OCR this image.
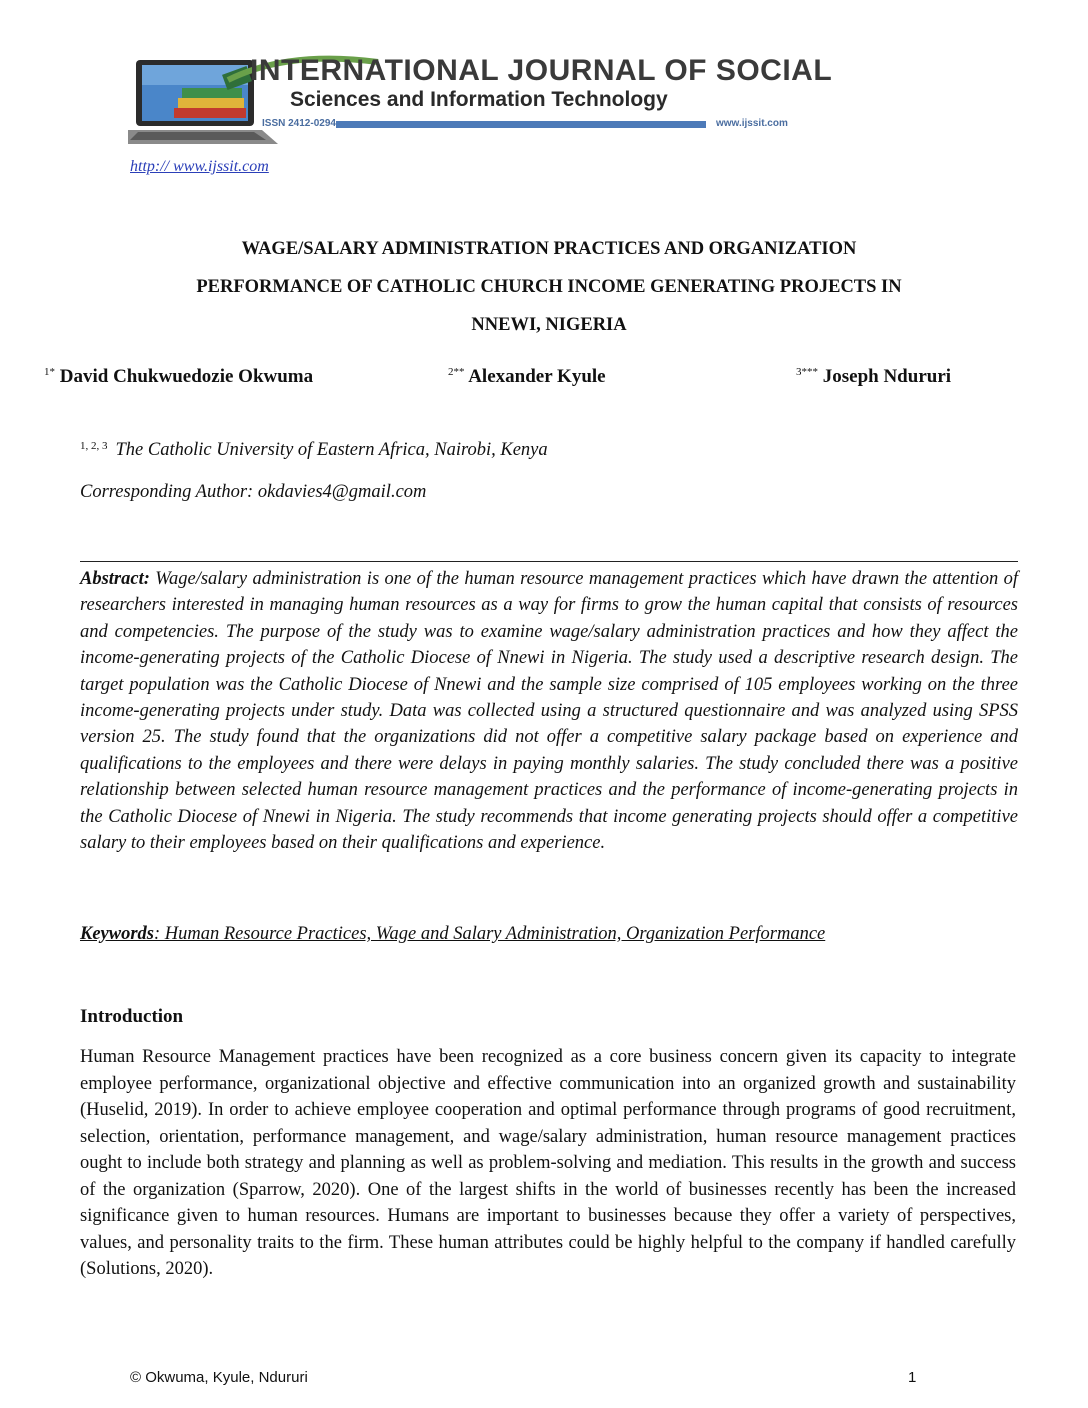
INTERNATIONAL JOURNAL OF SOCIAL
Sciences and Information Technology
ISSN 2412-0294	www.ijssit.com
http:// www.ijssit.com
WAGE/SALARY ADMINISTRATION PRACTICES AND ORGANIZATION
PERFORMANCE OF CATHOLIC CHURCH INCOME GENERATING PROJECTS IN
NNEWI, NIGERIA
$^{1*}$ David Chukwuedozie Okwuma	$^{2**}$ Alexander Kyule	$^{3***}$ Joseph Ndururi
$^{1, 2, 3}$ The Catholic University of Eastern Africa, Nairobi, Kenya
Corresponding Author: okdavies4@gmail.com

Abstract: Wage/salary administration is one of the human resource management practices which have drawn the attention of researchers interested in managing human resources as a way for firms to grow the human capital that consists of resources and competencies. The purpose of the study was to examine wage/salary administration practices and how they affect the income-generating projects of the Catholic Diocese of Nnewi in Nigeria. The study used a descriptive research design. The target population was the Catholic Diocese of Nnewi and the sample size comprised of 105 employees working on the three income-generating projects under study. Data was collected using a structured questionnaire and was analyzed using SPSS version 25. The study found that the organizations did not offer a competitive salary package based on experience and qualifications to the employees and there were delays in paying monthly salaries. The study concluded there was a positive relationship between selected human resource management practices and the performance of income-generating projects in the Catholic Diocese of Nnewi in Nigeria. The study recommends that income generating projects should offer a competitive salary to their employees based on their qualifications and experience.

Keywords: Human Resource Practices, Wage and Salary Administration, Organization Performance
Introduction

Human Resource Management practices have been recognized as a core business concern given its capacity to integrate employee performance, organizational objective and effective communication into an organized growth and sustainability (Huselid, 2019). In order to achieve employee cooperation and optimal performance through programs of good recruitment, selection, orientation, performance management, and wage/salary administration, human resource management practices ought to include both strategy and planning as well as problem-solving and mediation. This results in the growth and success of the organization (Sparrow, 2020). One of the largest shifts in the world of businesses recently has been the increased significance given to human resources. Humans are important to businesses because they offer a variety of perspectives, values, and personality traits to the firm. These human attributes could be highly helpful to the company if handled carefully (Solutions, 2020).

© Okwuma, Kyule, Ndururi	1
